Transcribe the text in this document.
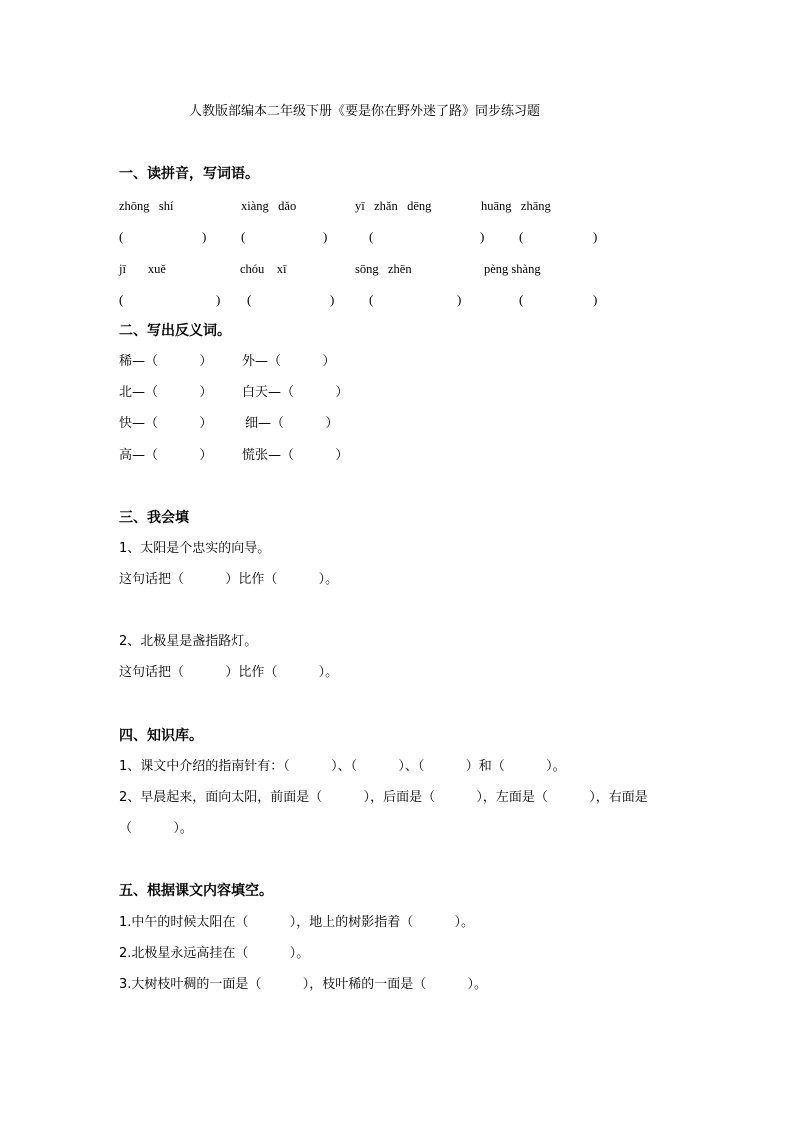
人教版部编本二年级下册《要是你在野外迷了路》同步练习题
一、读拼音，写词语。
zhōng   shí	xiàng   dǎo	yī   zhǎn   dēng	huāng   zhāng
(	)	(	)	(	)	(	)
jī       xuě	chóu    xī	sōng   zhēn	pèng shàng
(	) (	)	(	)	(	)
二、写出反义词。
稀—（          ） 外—（          ）
北—（          ） 白天—（          ）
快—（          ）	细—（          ）
高—（          ） 慌张—（          ）
三、我会填
1、太阳是个忠实的向导。
这句话把（          ）比作（          ）。
2、北极星是盏指路灯。
这句话把（          ）比作（          ）。
四、知识库。
1、课文中介绍的指南针有：（          ）、（          ）、（          ）和（          ）。
2、早晨起来，面向太阳，前面是（          ），后面是（          ），左面是（          ），右面是
（          ）。
五、根据课文内容填空。
1.中午的时候太阳在（          ），地上的树影指着（          ）。
2.北极星永远高挂在（          ）。
3.大树枝叶稠的一面是（          ），枝叶稀的一面是（          ）。
